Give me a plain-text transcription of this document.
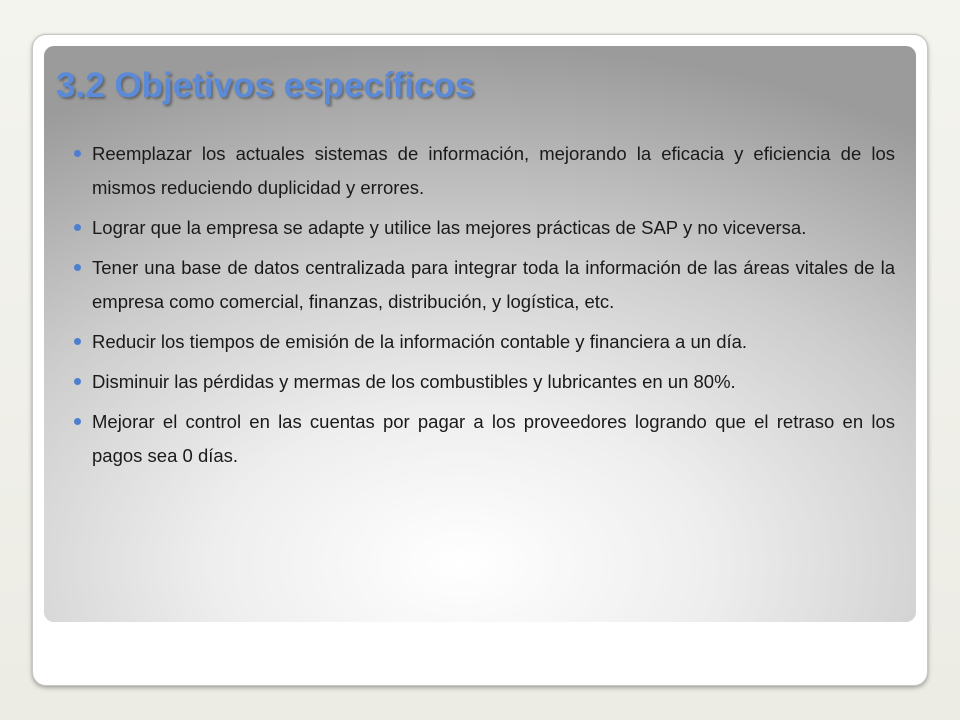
3.2 Objetivos específicos
Reemplazar los actuales sistemas de información, mejorando la eficacia y eficiencia de los mismos reduciendo duplicidad y errores.
Lograr que la empresa se adapte y utilice las mejores prácticas de SAP y no viceversa.
Tener una base de datos centralizada para integrar toda la información de las áreas vitales de la empresa como comercial, finanzas, distribución, y logística, etc.
Reducir los tiempos de emisión de la información contable y financiera a un día.
Disminuir las pérdidas y mermas de los combustibles y lubricantes en un 80%.
Mejorar el control en las cuentas por pagar a los proveedores logrando que el retraso en los pagos sea 0 días.
